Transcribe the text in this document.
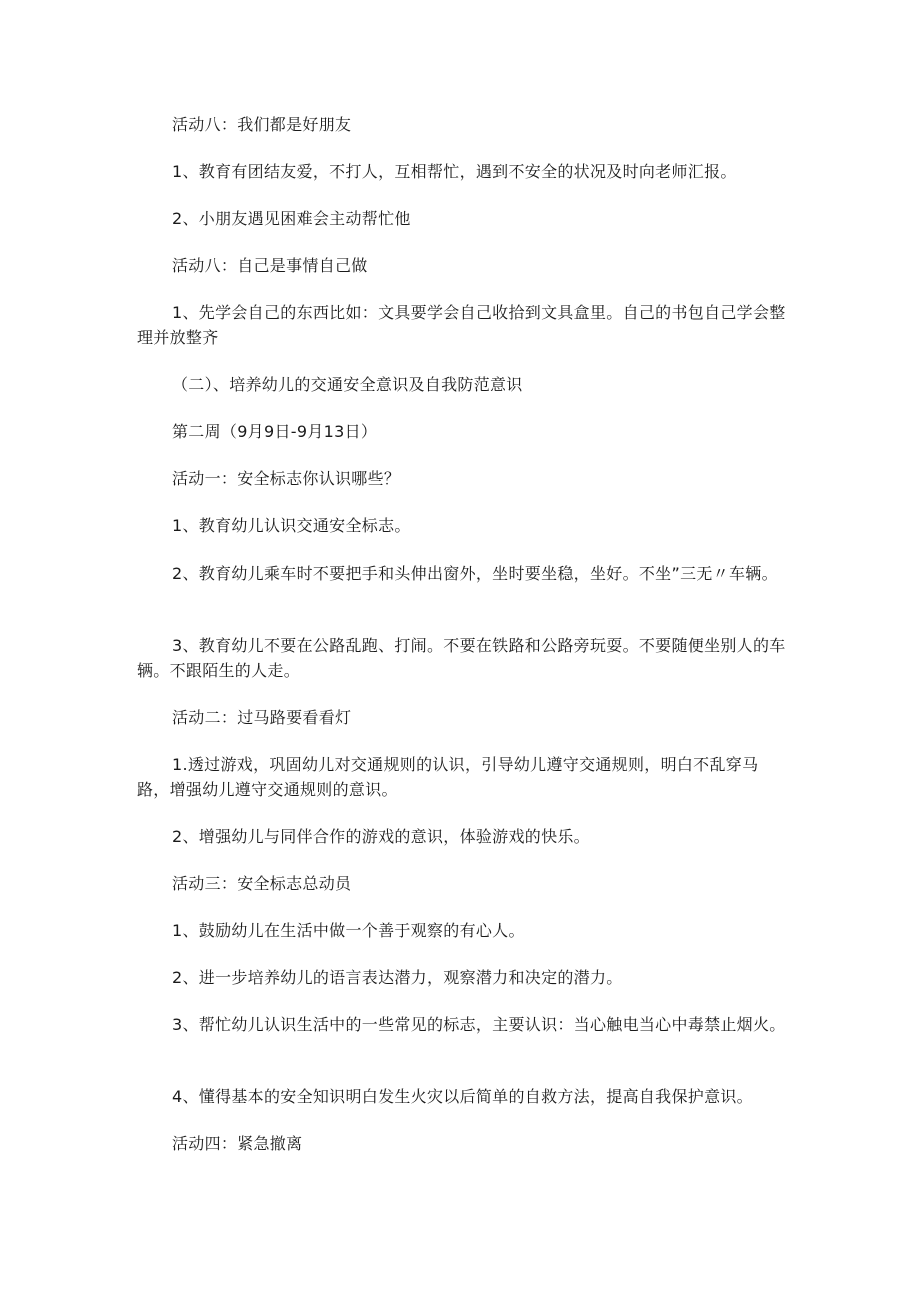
活动八：我们都是好朋友

1、教育有团结友爱，不打人，互相帮忙，遇到不安全的状况及时向老师汇报。

2、小朋友遇见困难会主动帮忙他

活动八：自己是事情自己做

1、先学会自己的东西比如：文具要学会自己收拾到文具盒里。自己的书包自己学会整理并放整齐

（二）、培养幼儿的交通安全意识及自我防范意识

第二周（9月9日-9月13日）

活动一：安全标志你认识哪些？

1、教育幼儿认识交通安全标志。

2、教育幼儿乘车时不要把手和头伸出窗外，坐时要坐稳，坐好。不坐”三无〃车辆。

3、教育幼儿不要在公路乱跑、打闹。不要在铁路和公路旁玩耍。不要随便坐别人的车辆。不跟陌生的人走。

活动二：过马路要看看灯

1.透过游戏，巩固幼儿对交通规则的认识，引导幼儿遵守交通规则，明白不乱穿马路，增强幼儿遵守交通规则的意识。

2、增强幼儿与同伴合作的游戏的意识，体验游戏的快乐。

活动三：安全标志总动员

1、鼓励幼儿在生活中做一个善于观察的有心人。

2、进一步培养幼儿的语言表达潜力，观察潜力和决定的潜力。

3、帮忙幼儿认识生活中的一些常见的标志，主要认识：当心触电当心中毒禁止烟火。

4、懂得基本的安全知识明白发生火灾以后简单的自救方法，提高自我保护意识。

活动四：紧急撤离
